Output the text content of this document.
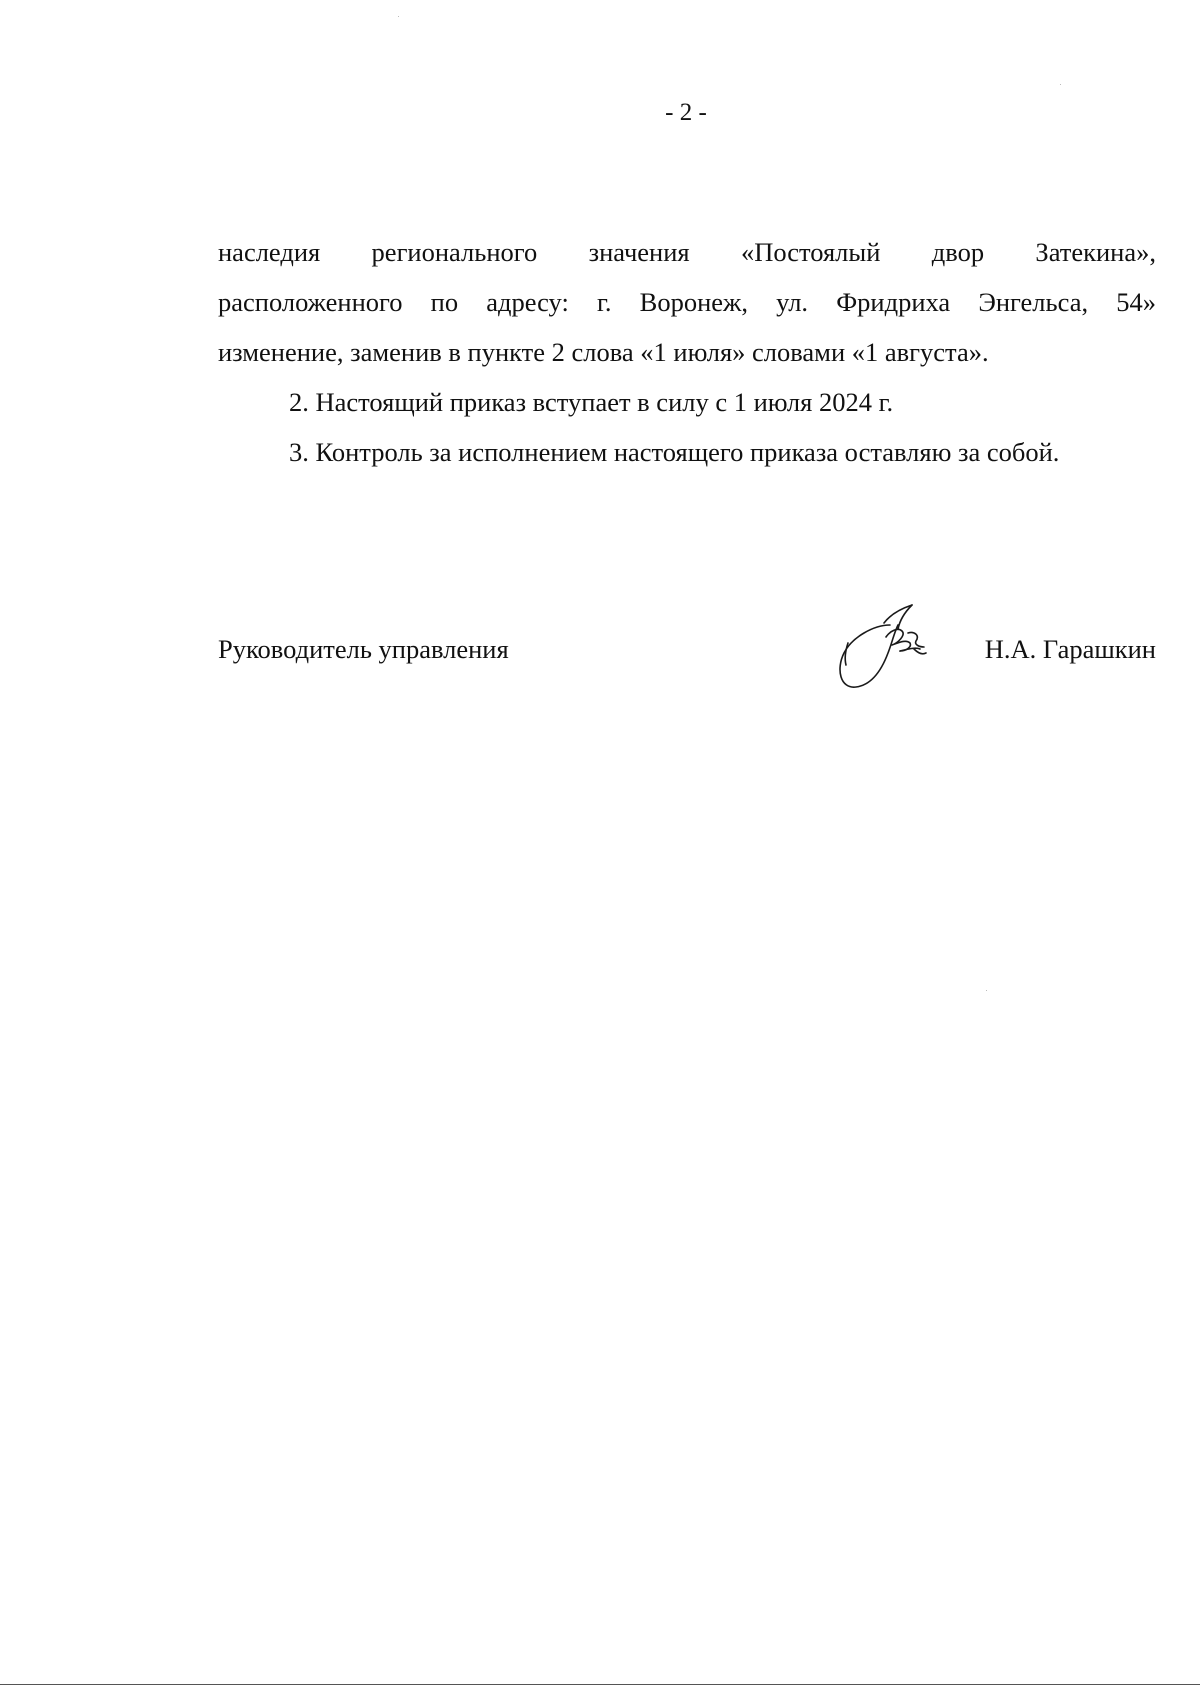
- 2 -
наследия регионального значения «Постоялый двор Затекина»,
расположенного по адресу: г. Воронеж, ул. Фридриха Энгельса, 54»
изменение, заменив в пункте 2 слова «1 июля» словами «1 августа».
2. Настоящий приказ вступает в силу с 1 июля 2024 г.
3. Контроль за исполнением настоящего приказа оставляю за собой.
Руководитель управления	Н.А. Гарашкин
